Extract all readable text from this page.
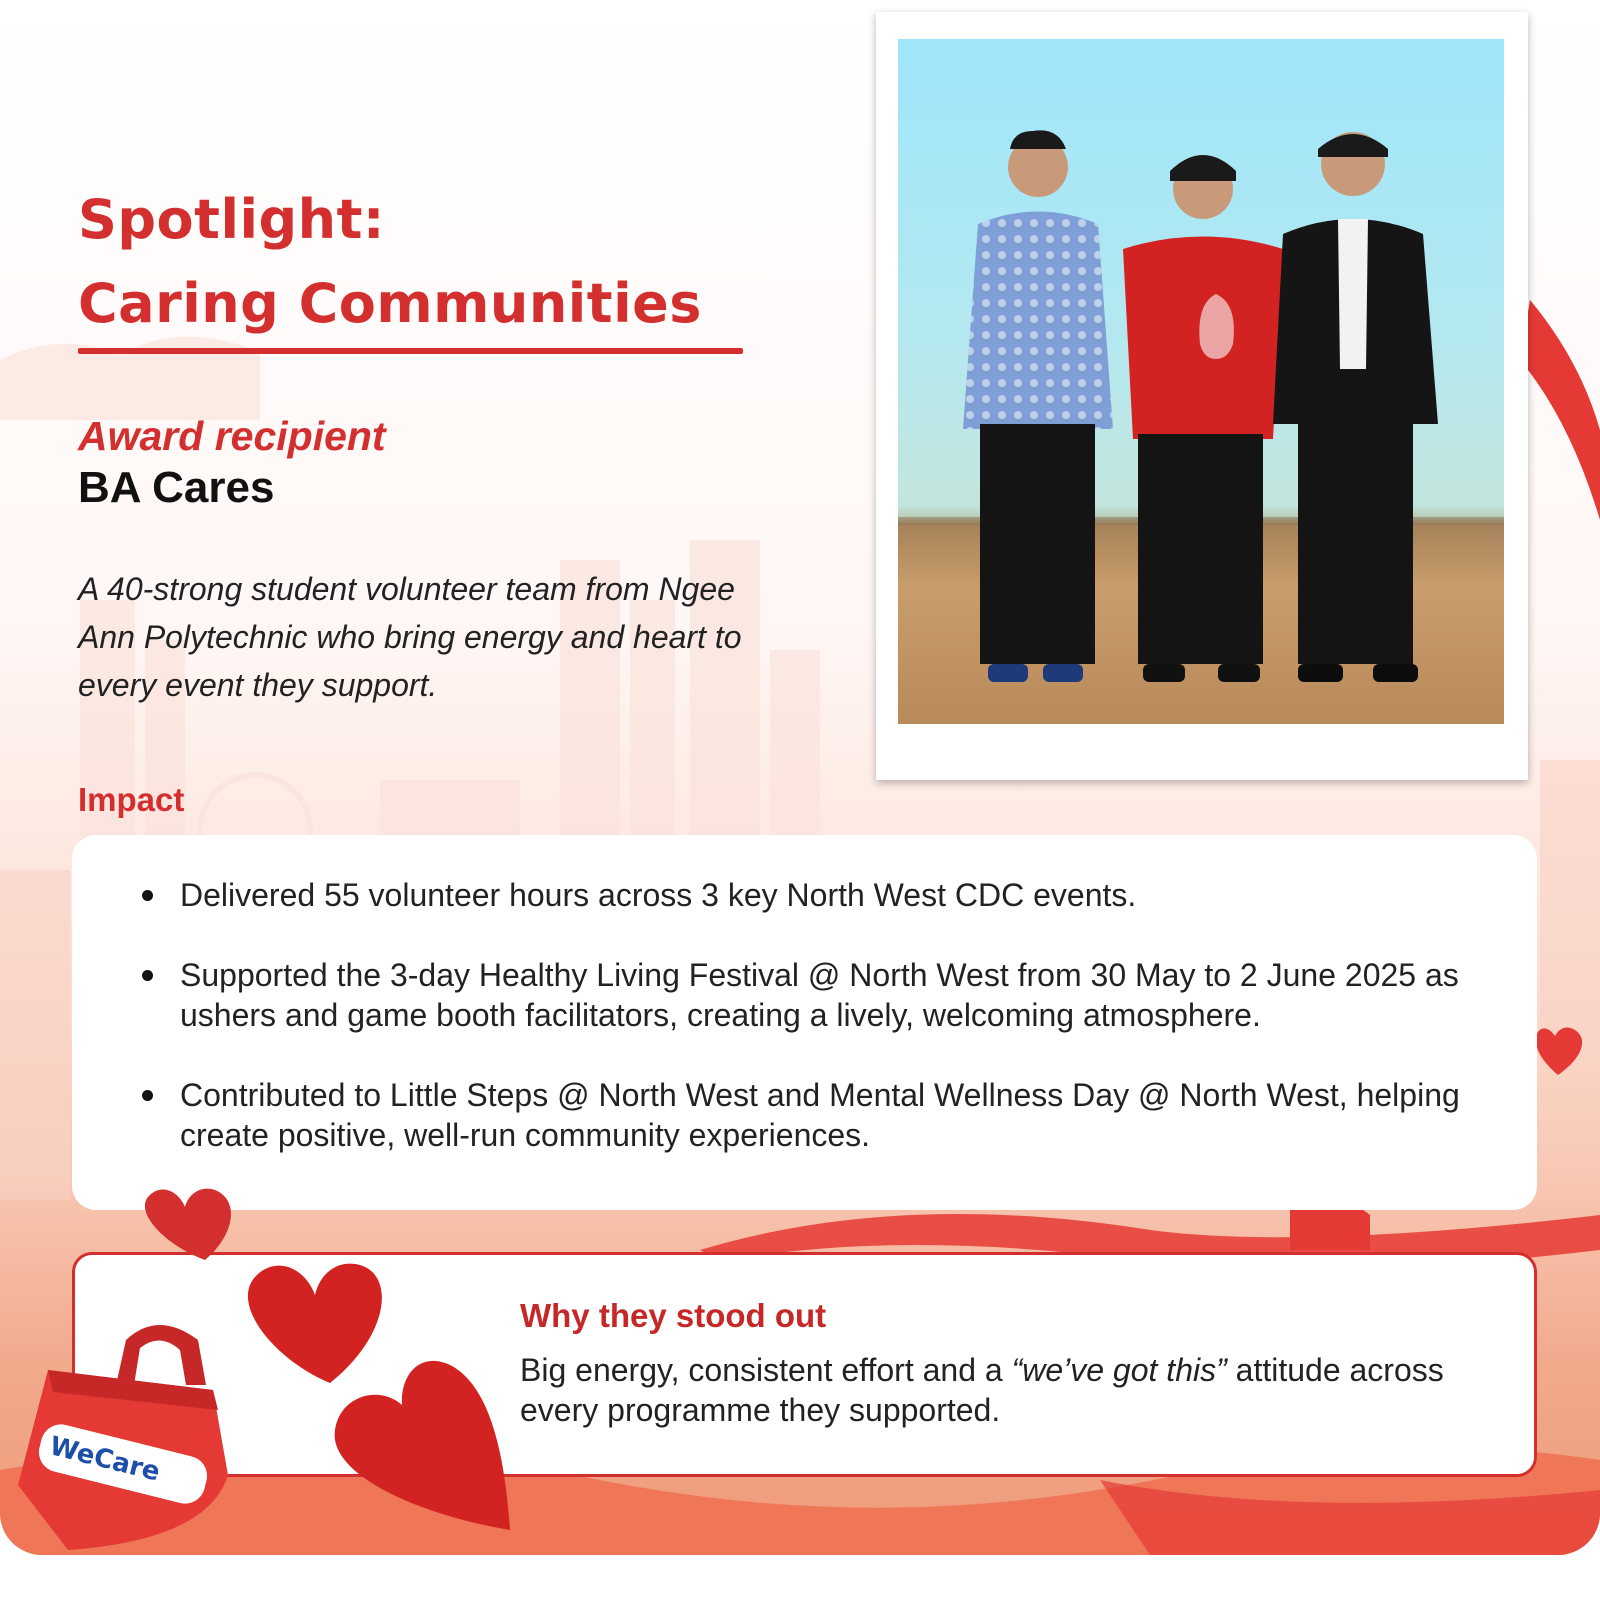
Spotlight:
Caring Communities

Award recipient

BA Cares

A 40-strong student volunteer team from Ngee Ann Polytechnic who bring energy and heart to every event they support.

Impact

Delivered 55 volunteer hours across 3 key North West CDC events.
Supported the 3-day Healthy Living Festival @ North West from 30 May to 2 June 2025 as ushers and game booth facilitators, creating a lively, welcoming atmosphere.
Contributed to Little Steps @ North West and Mental Wellness Day @ North West, helping create positive, well-run community experiences.

Why they stood out

Big energy, consistent effort and a “we’ve got this” attitude across every programme they supported.

WeCare
